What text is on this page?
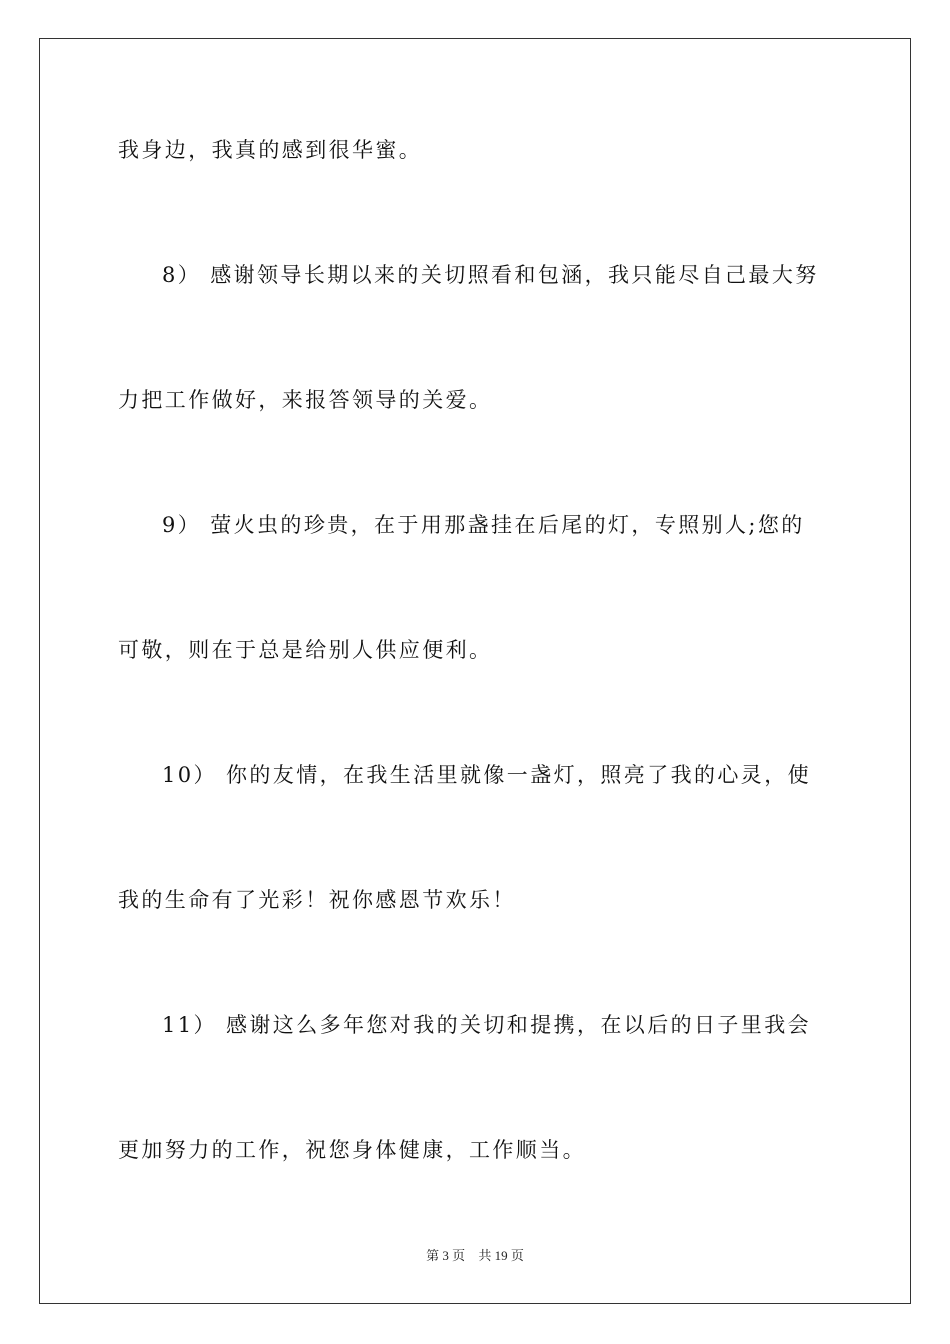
我身边，我真的感到很华蜜。
8） 感谢领导长期以来的关切照看和包涵，我只能尽自己最大努
力把工作做好，来报答领导的关爱。
9） 萤火虫的珍贵，在于用那盏挂在后尾的灯，专照别人;您的
可敬，则在于总是给别人供应便利。
10） 你的友情，在我生活里就像一盏灯，照亮了我的心灵，使
我的生命有了光彩！祝你感恩节欢乐！
11） 感谢这么多年您对我的关切和提携，在以后的日子里我会
更加努力的工作，祝您身体健康，工作顺当。
第 3 页 共 19 页
